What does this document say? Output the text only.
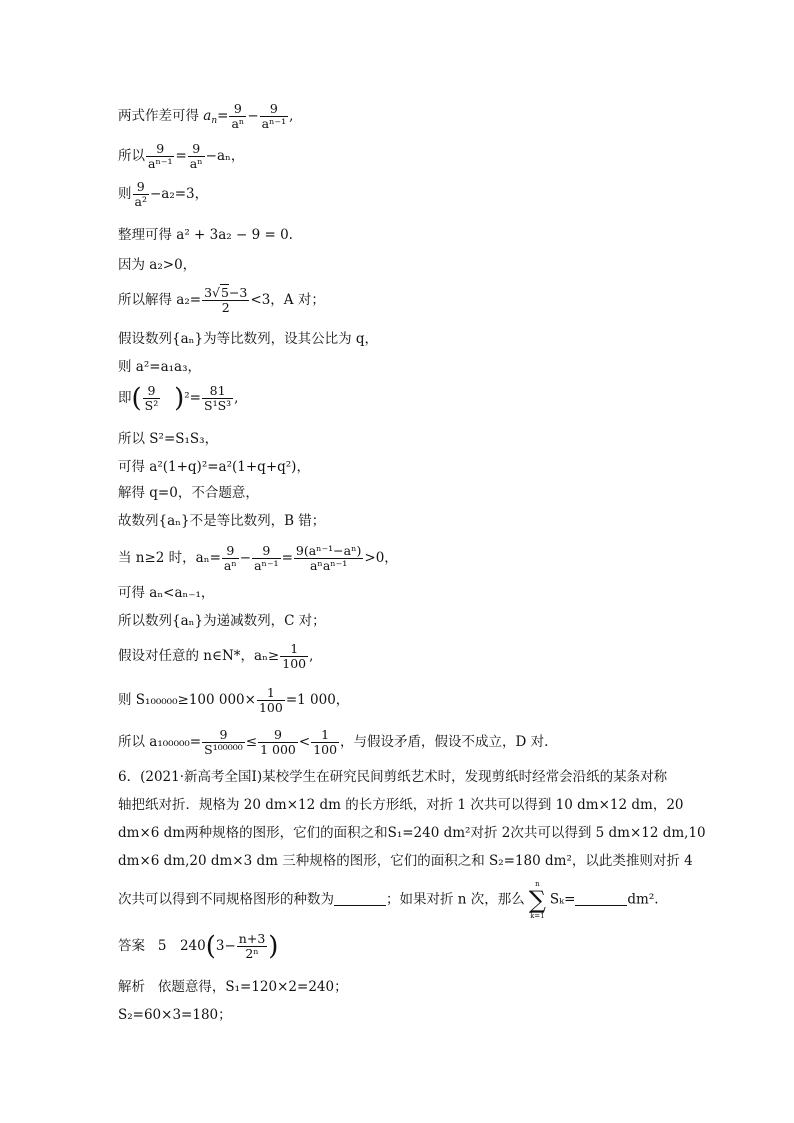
两式作差可得 $a_n= \frac{9}{\text{aⁿ}} - \frac{9}{\text{aⁿ⁻¹}}$ ,
所以 $\frac{9}{\text{aⁿ⁻¹}} = \frac{9}{\text{aⁿ}} -a_n$，
则 $\frac{9}{\text{a²}} -a_2=3$，
整理可得 a² + 3a₂ − 9 = 0.
因为 a₂>0，
所以解得 $a_2= \frac{3√5-3}{2} <3$，A 对；
假设数列{aₙ}为等比数列，设其公比为 q，
则 a²=a₁a₃，
即( $\frac{9}{\text{S²}} )^2= \frac{81}{\text{S¹S³}}$ ,
所以 S²=S₁S₃，
可得 a²(1+q)²=a²(1+q+q²)，
解得 q=0，不合题意，
故数列{aₙ}不是等比数列，B 错；
当 n≥2 时，$a_n= \frac{9}{\text{aⁿ}} - \frac{9}{\text{aⁿ⁻¹}} = \frac{\text{9(aⁿ⁻¹−aⁿ)}}{\text{aⁿaⁿ⁻¹}} >0$，
可得 aₙ<aₙ₋₁，
所以数列{aₙ}为递减数列，C 对；
假设对任意的 n∈N*，$a_n\ge \frac{1}{100}$ ,
则 S₁₀₀₀₀₀≥100 $000\times \frac{1}{100} =1$ 000，
所以 $a_{100000}= \frac{9}{\text{S¹⁰⁰⁰⁰⁰}} \le \frac{9}{1 000} < \frac{1}{100}$ ，与假设矛盾，假设不成立，D 对.
6．(2021·新高考全国Ⅰ)某校学生在研究民间剪纸艺术时，发现剪纸时经常会沿纸的某条对称
轴把纸对折．规格为 20 dm×12 dm 的长方形纸，对折 1 次共可以得到 10 dm×12 dm，20
dm×6 dm两种规格的图形，它们的面积之和S₁=240 dm²对折 2次共可以得到 5 dm×12 dm,10
dm×6 dm,20 dm×3 dm 三种规格的图形，它们的面积之和 S₂=180 dm²，以此类推则对折 4
次共可以得到不同规格图形的种数为	；如果对折 n 次，那么
n
∑
k=1
Sₖ=	dm².
答案 5　$240(3- \frac{n+3}{\text{2ⁿ}}$ )
解析 依题意得，S₁=120×2=240；
S₂=60×3=180；
